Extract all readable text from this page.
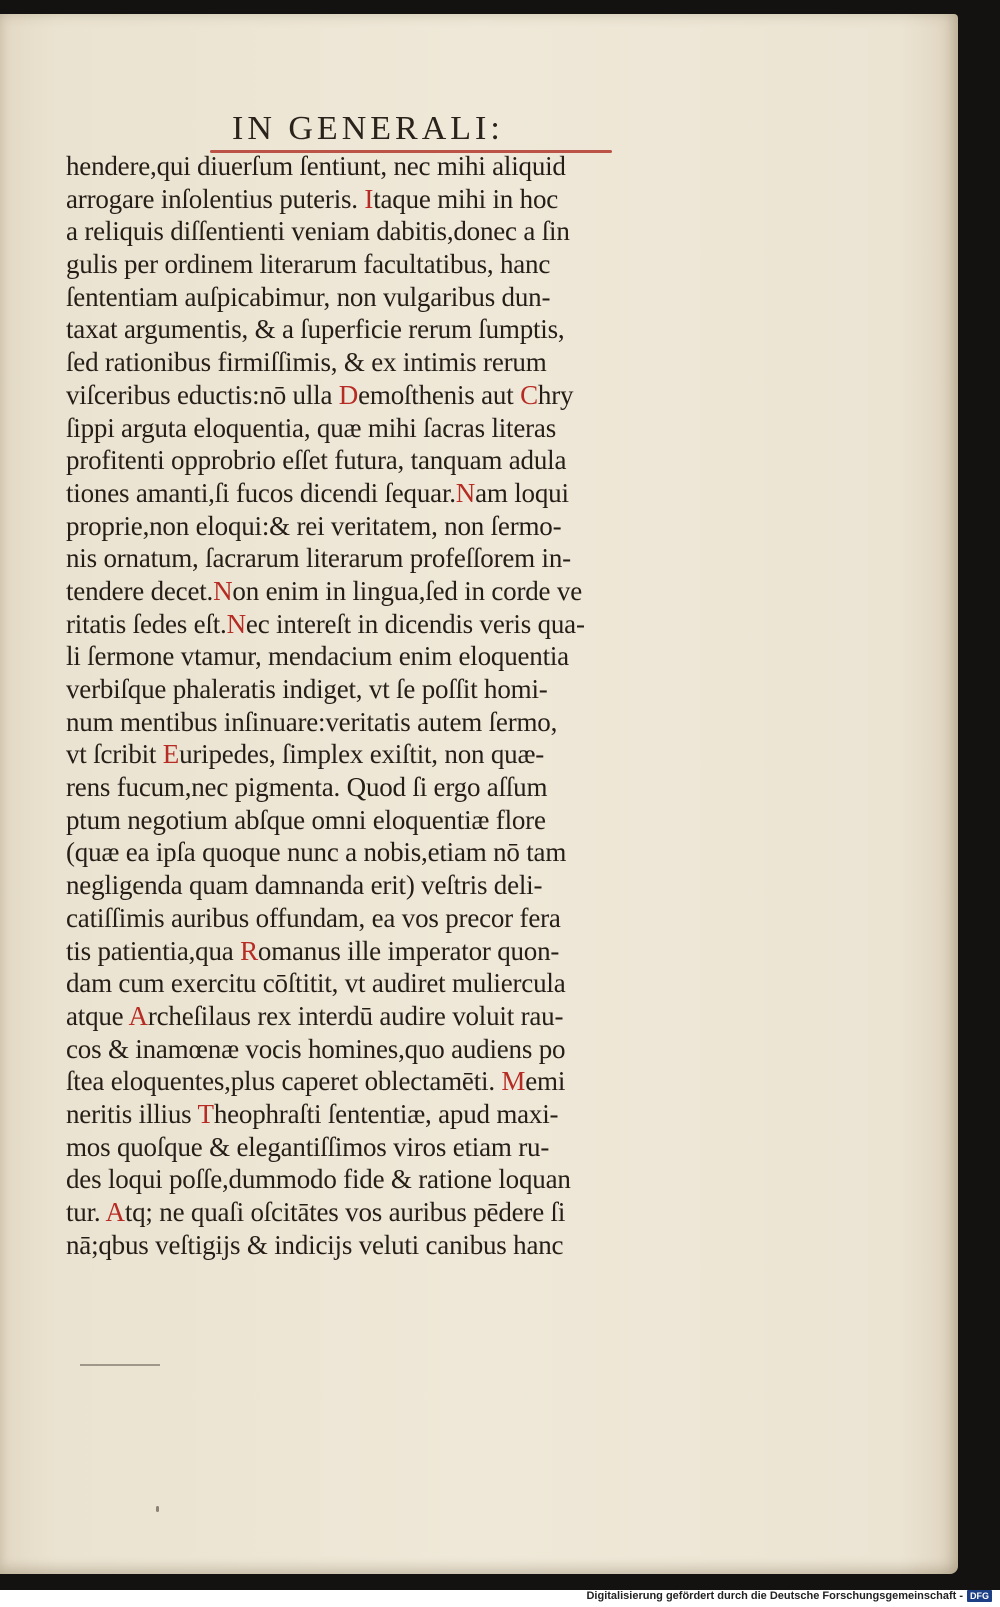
IN GENERALI:
hendere,qui diuerſum ſentiunt, nec mihi aliquid
arrogare inſolentius puteris. Itaque mihi in hoc
a reliquis diſſentienti veniam dabitis,donec a ſin
gulis per ordinem literarum facultatibus, hanc
ſententiam auſpicabimur, non vulgaribus dun-
taxat argumentis, & a ſuperficie rerum ſumptis,
ſed rationibus firmiſſimis, & ex intimis rerum
viſceribus eductis:nō ulla Demoſthenis aut Chry
ſippi arguta eloquentia, quæ mihi ſacras literas
profitenti opprobrio eſſet futura, tanquam adula
tiones amanti,ſi fucos dicendi ſequar.Nam loqui
proprie,non eloqui:& rei veritatem, non ſermo-
nis ornatum, ſacrarum literarum profeſſorem in-
tendere decet.Non enim in lingua,ſed in corde ve
ritatis ſedes eſt.Nec intereſt in dicendis veris qua-
li ſermone vtamur, mendacium enim eloquentia
verbiſque phaleratis indiget, vt ſe poſſit homi-
num mentibus inſinuare:veritatis autem ſermo,
vt ſcribit Euripedes, ſimplex exiſtit, non quæ-
rens fucum,nec pigmenta. Quod ſi ergo aſſum
ptum negotium abſque omni eloquentiæ flore
(quæ ea ipſa quoque nunc a nobis,etiam nō tam
negligenda quam damnanda erit) veſtris deli-
catiſſimis auribus offundam, ea vos precor fera
tis patientia,qua Romanus ille imperator quon-
dam cum exercitu cōſtitit, vt audiret muliercula
atque Archeſilaus rex interdū audire voluit rau-
cos & inamœnæ vocis homines,quo audiens po
ſtea eloquentes,plus caperet oblectamēti. Memi
neritis illius Theophraſti ſententiæ, apud maxi-
mos quoſque & elegantiſſimos viros etiam ru-
des loqui poſſe,dummodo fide & ratione loquan
tur. Atq; ne quaſi oſcitātes vos auribus pēdere ſi
nā;qbus veſtigijs & indicijs veluti canibus hanc
Digitalisierung gefördert durch die Deutsche Forschungsgemeinschaft - DFG
